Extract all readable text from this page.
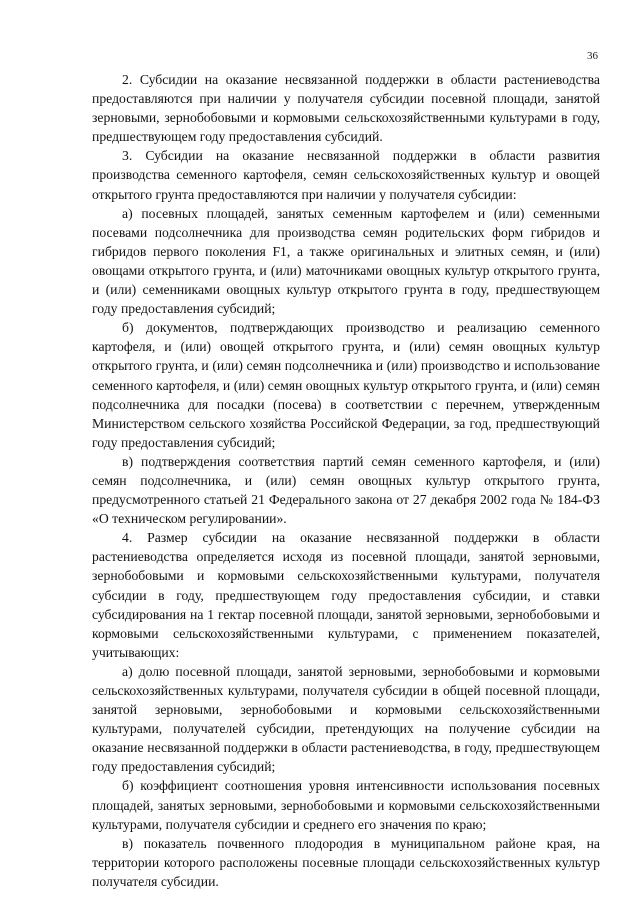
36

2. Субсидии на оказание несвязанной поддержки в области растениеводства предоставляются при наличии у получателя субсидии посевной площади, занятой зерновыми, зернобобовыми и кормовыми сельскохозяйственными культурами в году, предшествующем году предоставления субсидий.

3. Субсидии на оказание несвязанной поддержки в области развития производства семенного картофеля, семян сельскохозяйственных культур и овощей открытого грунта предоставляются при наличии у получателя субсидии:

а) посевных площадей, занятых семенным картофелем и (или) семенными посевами подсолнечника для производства семян родительских форм гибридов и гибридов первого поколения F1, а также оригинальных и элитных семян, и (или) овощами открытого грунта, и (или) маточниками овощных культур открытого грунта, и (или) семенниками овощных культур открытого грунта в году, предшествующем году предоставления субсидий;

б) документов, подтверждающих производство и реализацию семенного картофеля, и (или) овощей открытого грунта, и (или) семян овощных культур открытого грунта, и (или) семян подсолнечника и (или) производство и использование семенного картофеля, и (или) семян овощных культур открытого грунта, и (или) семян подсолнечника для посадки (посева) в соответствии с перечнем, утвержденным Министерством сельского хозяйства Российской Федерации, за год, предшествующий году предоставления субсидий;

в) подтверждения соответствия партий семян семенного картофеля, и (или) семян подсолнечника, и (или) семян овощных культур открытого грунта, предусмотренного статьей 21 Федерального закона от 27 декабря 2002 года № 184-ФЗ «О техническом регулировании».

4. Размер субсидии на оказание несвязанной поддержки в области растениеводства определяется исходя из посевной площади, занятой зерновыми, зернобобовыми и кормовыми сельскохозяйственными культурами, получателя субсидии в году, предшествующем году предоставления субсидии, и ставки субсидирования на 1 гектар посевной площади, занятой зерновыми, зернобобовыми и кормовыми сельскохозяйственными культурами, с применением показателей, учитывающих:

а) долю посевной площади, занятой зерновыми, зернобобовыми и кормовыми сельскохозяйственных культурами, получателя субсидии в общей посевной площади, занятой зерновыми, зернобобовыми и кормовыми сельскохозяйственными культурами, получателей субсидии, претендующих на получение субсидии на оказание несвязанной поддержки в области растениеводства, в году, предшествующем году предоставления субсидий;

б) коэффициент соотношения уровня интенсивности использования посевных площадей, занятых зерновыми, зернобобовыми и кормовыми сельскохозяйственными культурами, получателя субсидии и среднего его значения по краю;

в) показатель почвенного плодородия в муниципальном районе края, на территории которого расположены посевные площади сельскохозяйственных культур получателя субсидии.
